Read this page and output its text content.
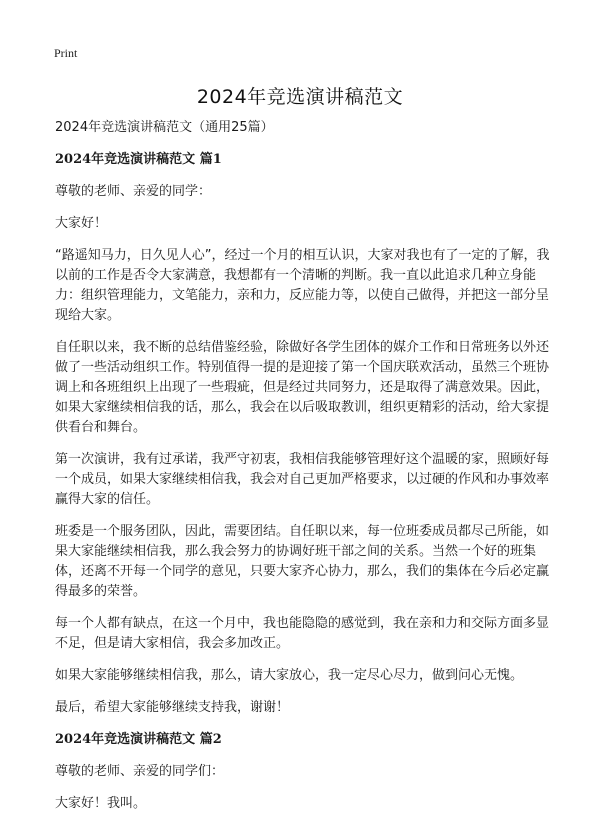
Print
2024年竞选演讲稿范文

2024年竞选演讲稿范文（通用25篇）

2024年竞选演讲稿范文 篇1

尊敬的老师、亲爱的同学：

大家好！

“路遥知马力，日久见人心”，经过一个月的相互认识，大家对我也有了一定的了解，我以前的工作是否令大家满意，我想都有一个清晰的判断。我一直以此追求几种立身能力：组织管理能力，文笔能力，亲和力，反应能力等，以使自己做得，并把这一部分呈现给大家。

自任职以来，我不断的总结借鉴经验，除做好各学生团体的媒介工作和日常班务以外还做了一些活动组织工作。特别值得一提的是迎接了第一个国庆联欢活动，虽然三个班协调上和各班组织上出现了一些瑕疵，但是经过共同努力，还是取得了满意效果。因此，如果大家继续相信我的话，那么，我会在以后吸取教训，组织更精彩的活动，给大家提供看台和舞台。

第一次演讲，我有过承诺，我严守初衷，我相信我能够管理好这个温暖的家，照顾好每一个成员，如果大家继续相信我，我会对自己更加严格要求，以过硬的作风和办事效率赢得大家的信任。

班委是一个服务团队，因此，需要团结。自任职以来，每一位班委成员都尽己所能，如果大家能继续相信我，那么我会努力的协调好班干部之间的关系。当然一个好的班集体，还离不开每一个同学的意见，只要大家齐心协力，那么，我们的集体在今后必定赢得最多的荣誉。

每一个人都有缺点，在这一个月中，我也能隐隐的感觉到，我在亲和力和交际方面多显不足，但是请大家相信，我会多加改正。

如果大家能够继续相信我，那么，请大家放心，我一定尽心尽力，做到问心无愧。

最后，希望大家能够继续支持我，谢谢！

2024年竞选演讲稿范文 篇2

尊敬的老师、亲爱的同学们：

大家好！我叫。
